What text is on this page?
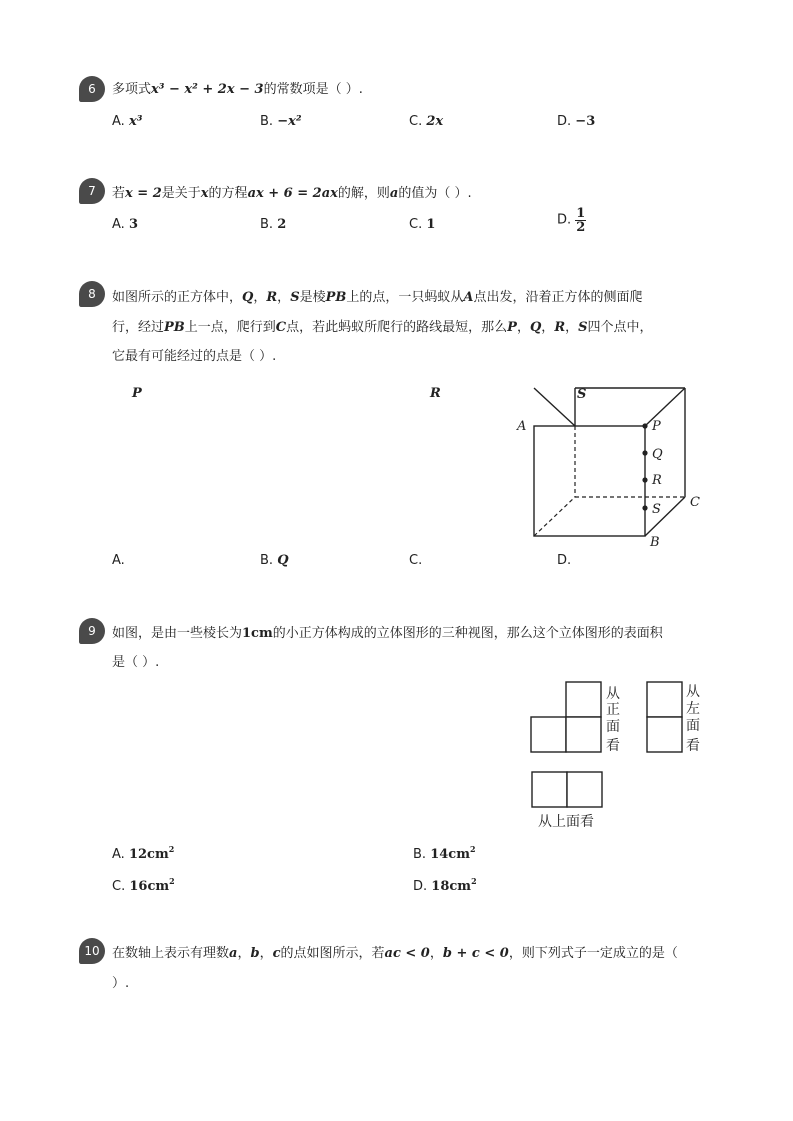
6	多项式x³ − x² + 2x − 3的常数项是（ ）.
A. x³	B. −x²	C. 2x	D. −3
7	若x = 2是关于x的方程ax + 6 = 2ax的解，则a的值为（ ）.
A. 3	B. 2	C. 1	D. $\frac{1}{2}$
8	如图所示的正方体中，Q，R，S是棱PB上的点，一只蚂蚁从A点出发，沿着正方体的侧面爬
行，经过PB上一点，爬行到C点，若此蚂蚁所爬行的路线最短，那么P，Q，R，S四个点中，
它最有可能经过的点是（ ）.
P	R
A
B
C
P
Q
R
S
S
A.	B. Q	C.	D.
9	如图，是由一些棱长为1cm的小正方体构成的立体图形的三种视图，那么这个立体图形的表面积
是（ ）.
从
正
面
看
从
左
面
看
从上面看
A. $12cm^2$	B. $14cm^2$
C. $16cm^2$	D. $18cm^2$
10 在数轴上表示有理数a，b，c的点如图所示，若ac < 0，b + c < 0，则下列式子一定成立的是（
）.
